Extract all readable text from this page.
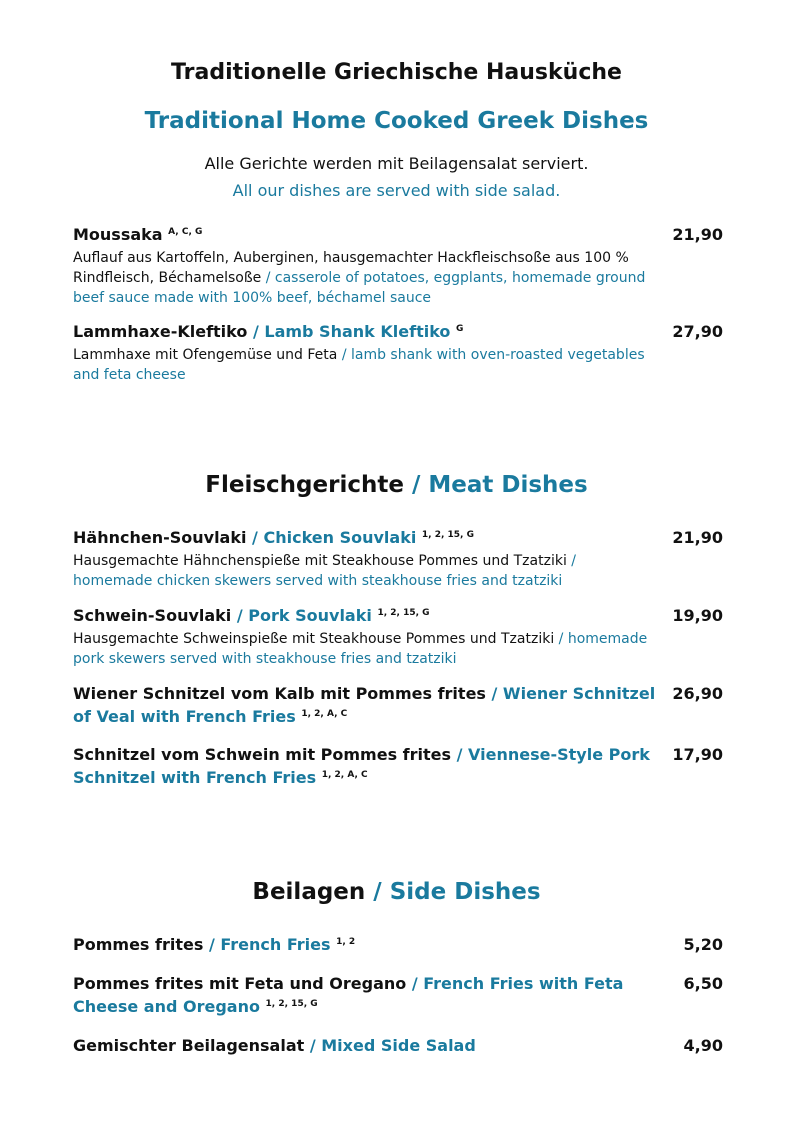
Traditionelle Griechische Hausküche
Traditional Home Cooked Greek Dishes
Alle Gerichte werden mit Beilagensalat serviert.
All our dishes are served with side salad.
Moussaka $^{A, C, G}$
Auflauf aus Kartoffeln, Auberginen, hausgemachter Hackfleischsoße aus 100 % Rindfleisch, Béchamelsoße / casserole of potatoes, eggplants, homemade ground beef sauce made with 100% beef, béchamel sauce
21,90
Lammhaxe-Kleftiko / Lamb Shank Kleftiko $^G$
Lammhaxe mit Ofengemüse und Feta / lamb shank with oven-roasted vegetables and feta cheese
27,90
Fleischgerichte / Meat Dishes
Hähnchen-Souvlaki / Chicken Souvlaki $^{1, 2, 15, G}$
Hausgemachte Hähnchenspieße mit Steakhouse Pommes und Tzatziki / homemade chicken skewers served with steakhouse fries and tzatziki
21,90
Schwein-Souvlaki / Pork Souvlaki $^{1, 2, 15, G}$
Hausgemachte Schweinspieße mit Steakhouse Pommes und Tzatziki / homemade pork skewers served with steakhouse fries and tzatziki
19,90
Wiener Schnitzel vom Kalb mit Pommes frites / Wiener Schnitzel of Veal with French Fries $^{1, 2, A, C}$
26,90
Schnitzel vom Schwein mit Pommes frites / Viennese-Style Pork Schnitzel with French Fries $^{1, 2, A, C}$
17,90
Beilagen / Side Dishes
Pommes frites / French Fries $^{1, 2}$	5,20
Pommes frites mit Feta und Oregano / French Fries with Feta Cheese and Oregano $^{1, 2, 15, G}$
6,50
Gemischter Beilagensalat / Mixed Side Salad	4,90
